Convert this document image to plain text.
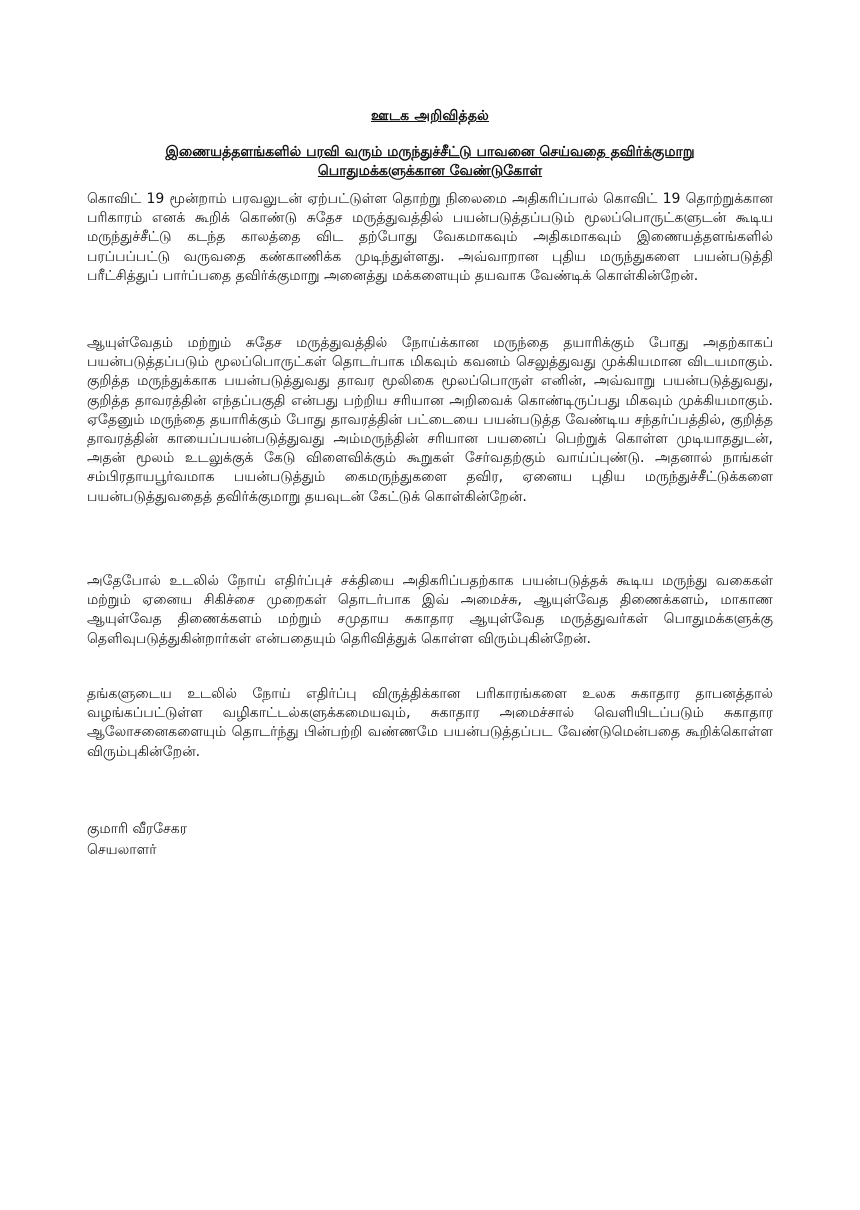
ஊடக அறிவித்தல்
இணையத்தளங்களில் பரவி வரும் மருந்துச்சீட்டு பாவனை செய்வதை தவிர்க்குமாறு பொதுமக்களுக்கான வேண்டுகோள்

கொவிட் 19 மூன்றாம் பரவலுடன் ஏற்பட்டுள்ள தொற்று நிலைமை அதிகரிப்பால் கொவிட் 19 தொற்றுக்கான பரிகாரம் எனக் கூறிக் கொண்டு சுதேச மருத்துவத்தில் பயன்படுத்தப்படும் மூலப்பொருட்களுடன் கூடிய மருந்துச்சீட்டு கடந்த காலத்தை விட தற்போது வேகமாகவும் அதிகமாகவும் இணையத்தளங்களில் பரப்பப்பட்டு வருவதை கண்காணிக்க முடிந்துள்ளது. அவ்வாறான புதிய மருந்துகளை பயன்படுத்தி பரீட்சித்துப் பார்ப்பதை தவிர்க்குமாறு அனைத்து மக்களையும் தயவாக வேண்டிக் கொள்கின்றேன்.

ஆயுள்வேதம் மற்றும் சுதேச மருத்துவத்தில் நோய்க்கான மருந்தை தயாரிக்கும் போது அதற்காகப் பயன்படுத்தப்படும் மூலப்பொருட்கள் தொடர்பாக மிகவும் கவனம் செலுத்துவது முக்கியமான விடயமாகும். குறித்த மருந்துக்காக பயன்படுத்துவது தாவர மூலிகை மூலப்பொருள் எனின், அவ்வாறு பயன்படுத்துவது, குறித்த தாவரத்தின் எந்தப்பகுதி என்பது பற்றிய சரியான அறிவைக் கொண்டிருப்பது மிகவும் முக்கியமாகும். ஏதேனும் மருந்தை தயாரிக்கும் போது தாவரத்தின் பட்டையை பயன்படுத்த வேண்டிய சந்தர்ப்பத்தில், குறித்த தாவரத்தின் காயைப்பயன்படுத்துவது அம்மருந்தின் சரியான பயனைப் பெற்றுக் கொள்ள முடியாததுடன், அதன் மூலம் உடலுக்குக் கேடு விளைவிக்கும் கூறுகள் சேர்வதற்கும் வாய்ப்புண்டு. அதனால் நாங்கள் சம்பிரதாயபூர்வமாக பயன்படுத்தும் கைமருந்துகளை தவிர, ஏனைய புதிய மருந்துச்சீட்டுக்களை பயன்படுத்துவதைத் தவிர்க்குமாறு தயவுடன் கேட்டுக் கொள்கின்றேன்.

அதேபோல் உடலில் நோய் எதிர்ப்புச் சக்தியை அதிகரிப்பதற்காக பயன்படுத்தக் கூடிய மருந்து வகைகள் மற்றும் ஏனைய சிகிச்சை முறைகள் தொடர்பாக இவ் அமைச்சு, ஆயுள்வேத திணைக்களம், மாகாண ஆயுள்வேத திணைக்களம் மற்றும் சமுதாய சுகாதார ஆயுள்வேத மருத்துவர்கள் பொதுமக்களுக்கு தெளிவுபடுத்துகின்றார்கள் என்பதையும் தெரிவித்துக் கொள்ள விரும்புகின்றேன்.

தங்களுடைய உடலில் நோய் எதிர்ப்பு விருத்திக்கான பரிகாரங்களை உலக சுகாதார தாபனத்தால் வழங்கப்பட்டுள்ள வழிகாட்டல்களுக்கமையவும், சுகாதார அமைச்சால் வெளியிடப்படும் சுகாதார ஆலோசனைகளையும் தொடர்ந்து பின்பற்றி வண்ணமே பயன்படுத்தப்பட வேண்டுமென்பதை கூறிக்கொள்ள விரும்புகின்றேன்.

குமாரி வீரசேகர
செயலாளர்
